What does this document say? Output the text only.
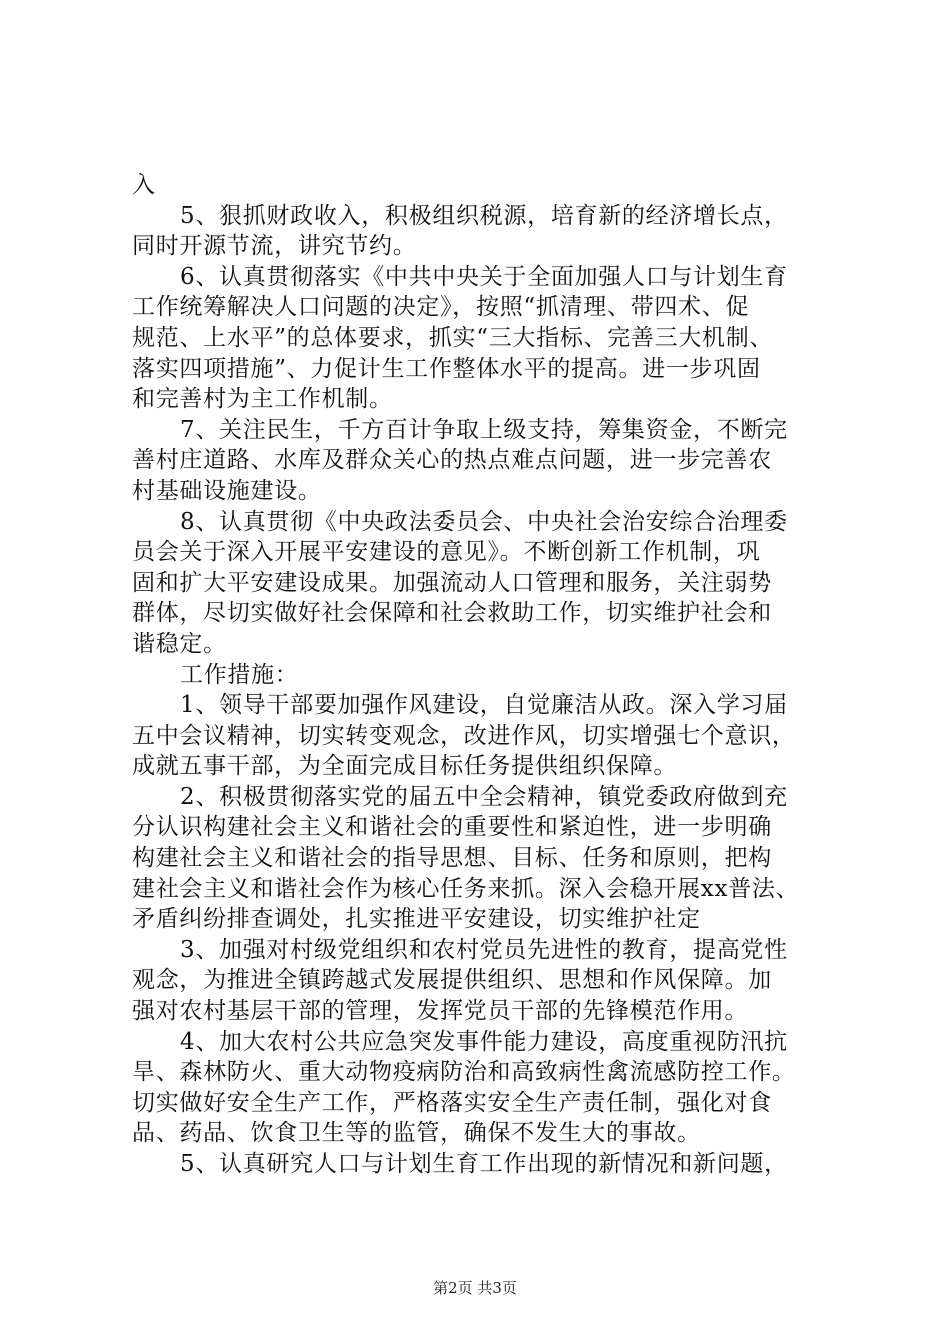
入
5、狠抓财政收入，积极组织税源，培育新的经济增长点，
同时开源节流，讲究节约。
6、认真贯彻落实《中共中央关于全面加强人口与计划生育
工作统筹解决人口问题的决定》，按照“抓清理、带四术、促
规范、上水平”的总体要求，抓实“三大指标、完善三大机制、
落实四项措施”、力促计生工作整体水平的提高。进一步巩固
和完善村为主工作机制。
7、关注民生，千方百计争取上级支持，筹集资金，不断完
善村庄道路、水库及群众关心的热点难点问题，进一步完善农
村基础设施建设。
8、认真贯彻《中央政法委员会、中央社会治安综合治理委
员会关于深入开展平安建设的意见》。不断创新工作机制，巩
固和扩大平安建设成果。加强流动人口管理和服务，关注弱势
群体，尽切实做好社会保障和社会救助工作，切实维护社会和
谐稳定。
工作措施：
1、领导干部要加强作风建设，自觉廉洁从政。深入学习届
五中会议精神，切实转变观念，改进作风，切实增强七个意识，
成就五事干部，为全面完成目标任务提供组织保障。
2、积极贯彻落实党的届五中全会精神，镇党委政府做到充
分认识构建社会主义和谐社会的重要性和紧迫性，进一步明确
构建社会主义和谐社会的指导思想、目标、任务和原则，把构
建社会主义和谐社会作为核心任务来抓。深入会稳开展xx普法、
矛盾纠纷排查调处，扎实推进平安建设，切实维护社定
3、加强对村级党组织和农村党员先进性的教育，提高党性
观念，为推进全镇跨越式发展提供组织、思想和作风保障。加
强对农村基层干部的管理，发挥党员干部的先锋模范作用。
4、加大农村公共应急突发事件能力建设，高度重视防汛抗
旱、森林防火、重大动物疫病防治和高致病性禽流感防控工作。
切实做好安全生产工作，严格落实安全生产责任制，强化对食
品、药品、饮食卫生等的监管，确保不发生大的事故。
5、认真研究人口与计划生育工作出现的新情况和新问题，
第2页 共3页
